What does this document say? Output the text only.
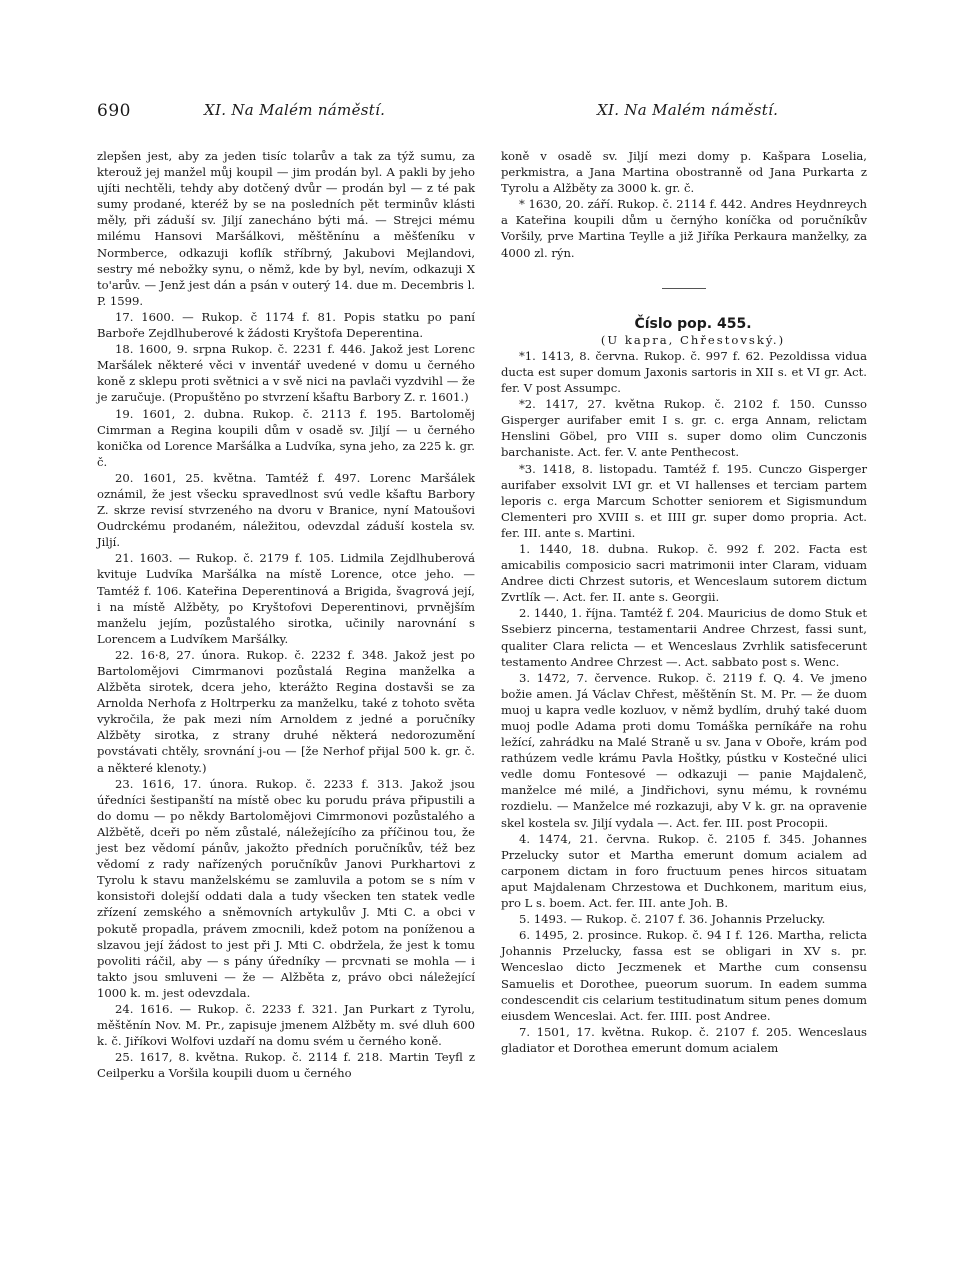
690	XI. Na Malém náměstí.	XI. Na Malém náměstí.

zlepšen jest, aby za jeden tisíc tolarův a tak za týž sumu, za kterouž jej manžel můj koupil — jim prodán byl. A pakli by jeho ujíti nechtěli, tehdy aby dotčený dvůr — prodán byl — z té pak sumy prodané, kteréž by se na posledních pět terminův klásti měly, při záduší sv. Jiljí zanecháno býti má. — Strejci mému milému Hansovi Maršálkovi, měštěnínu a měšťeníku v Normberce, odkazuji koflík stříbrný, Jakubovi Mejlandovi, sestry mé nebožky synu, o němž, kde by byl, nevím, odkazuji X to'arův. — Jenž jest dán a psán v outerý 14. due m. Decembris l. P. 1599.

17. 1600. — Rukop. č 1174 f. 81. Popis statku po paní Barboře Zejdlhuberové k žádosti Kryštofa Deperentina.

18. 1600, 9. srpna Rukop. č. 2231 f. 446. Jakož jest Lorenc Maršálek některé věci v inventář uvedené v domu u černého koně z sklepu proti světnici a v svě nici na pavlači vyzdvihl — že je zaručuje. (Propuštěno po stvrzení kšaftu Barbory Z. r. 1601.)

19. 1601, 2. dubna. Rukop. č. 2113 f. 195. Bartoloměj Cimrman a Regina koupili dům v osadě sv. Jiljí — u černého konička od Lorence Maršálka a Ludvíka, syna jeho, za 225 k. gr. č.

20. 1601, 25. května. Tamtéž f. 497. Lorenc Maršálek oznámil, že jest všecku spravedlnost svú vedle kšaftu Barbory Z. skrze revisí stvrzeného na dvoru v Branice, nyní Matoušovi Oudrckému prodaném, náležitou, odevzdal záduší kostela sv. Jiljí.

21. 1603. — Rukop. č. 2179 f. 105. Lidmila Zejdlhuberová kvituje Ludvíka Maršálka na místě Lorence, otce jeho. — Tamtéž f. 106. Kateřina Deperentinová a Brigida, švagrová její, i na místě Alžběty, po Kryštofovi Deperentinovi, prvnějším manželu jejím, pozůstalého sirotka, učinily narovnání s Lorencem a Ludvíkem Maršálky.

22. 16·8, 27. února. Rukop. č. 2232 f. 348. Jakož jest po Bartolomějovi Cimrmanovi pozůstalá Regina manželka a Alžběta sirotek, dcera jeho, kterážto Regina dostavši se za Arnolda Nerhofa z Holtrperku za manželku, také z tohoto světa vykročila, že pak mezi ním Arnoldem z jedné a poručníky Alžběty sirotka, z strany druhé některá nedorozumění povstávati chtěly, srovnání j-ou — [že Nerhof přijal 500 k. gr. č. a některé klenoty.)

23. 1616, 17. února. Rukop. č. 2233 f. 313. Jakož jsou úředníci šestipanští na místě obec ku porudu práva připustili a do domu — po někdy Bartolomějovi Cimrmonovi pozůstalého a Alžbětě, dceři po něm zůstalé, náležejícího za příčinou tou, že jest bez vědomí pánův, jakožto předních poručníkův, též bez vědomí z rady nařízených poručníkův Janovi Purkhartovi z Tyrolu k stavu manželskému se zamluvila a potom se s ním v konsistoři dolejší oddati dala a tudy všecken ten statek vedle zřízení zemského a sněmovních artykulův J. Mti C. a obci v pokutě propadla, právem zmocnili, kdež potom na poníženou a slzavou její žádost to jest při J. Mti C. obdržela, že jest k tomu povoliti ráčil, aby — s pány úředníky — prcvnati se mohla — i takto jsou smluveni — že — Alžběta z, právo obci náležející 1000 k. m. jest odevzdala.

24. 1616. — Rukop. č. 2233 f. 321. Jan Purkart z Tyrolu, měštěnín Nov. M. Pr., zapisuje jmenem Alžběty m. své dluh 600 k. č. Jiříkovi Wolfovi uzdaří na domu svém u černého koně.

25. 1617, 8. května. Rukop. č. 2114 f. 218. Martin Teyfl z Ceilperku a Voršila koupili duom u černého

koně v osadě sv. Jiljí mezi domy p. Kašpara Loselia, perkmistra, a Jana Martina obostranně od Jana Purkarta z Tyrolu a Alžběty za 3000 k. gr. č.

* 1630, 20. září. Rukop. č. 2114 f. 442. Andres Heydnreych a Kateřina koupili dům u černýho koníčka od poručníkův Voršily, prve Martina Teylle a již Jiříka Perkaura manželky, za 4000 zl. rýn.

Číslo pop. 455.

(U kapra, Chřestovský.)

*1. 1413, 8. června. Rukop. č. 997 f. 62. Pezoldissa vidua ducta est super domum Jaxonis sartoris in XII s. et VI gr. Act. fer. V post Assumpc.

*2. 1417, 27. května Rukop. č. 2102 f. 150. Cunsso Gisperger aurifaber emit I s. gr. c. erga Annam, relictam Henslini Göbel, pro VIII s. super domo olim Cunczonis barchaniste. Act. fer. V. ante Penthecost.

*3. 1418, 8. listopadu. Tamtéž f. 195. Cunczo Gisperger aurifaber exsolvit LVI gr. et VI hallenses et terciam partem leporis c. erga Marcum Schotter seniorem et Sigismundum Clementeri pro XVIII s. et IIII gr. super domo propria. Act. fer. III. ante s. Martini.

1. 1440, 18. dubna. Rukop. č. 992 f. 202. Facta est amicabilis composicio sacri matrimonii inter Claram, viduam Andree dicti Chrzest sutoris, et Wenceslaum sutorem dictum Zvrtlík —. Act. fer. II. ante s. Georgii.

2. 1440, 1. října. Tamtéž f. 204. Mauricius de domo Stuk et Ssebierz pincerna, testamentarii Andree Chrzest, fassi sunt, qualiter Clara relicta — et Wenceslaus Zvrhlik satisfecerunt testamento Andree Chrzest —. Act. sabbato post s. Wenc.

3. 1472, 7. července. Rukop. č. 2119 f. Q. 4. Ve jmeno božie amen. Já Václav Chřest, měštěnín St. M. Pr. — že duom muoj u kapra vedle kozluov, v němž bydlím, druhý také duom muoj podle Adama proti domu Tomáška perníkáře na rohu ležící, zahrádku na Malé Straně u sv. Jana v Oboře, krám pod rathúzem vedle krámu Pavla Hoštky, pústku v Kostečné ulici vedle domu Fontesové — odkazuji — panie Majdalenč, manželce mé milé, a Jindřichovi, synu mému, k rovnému rozdielu. — Manželce mé rozkazuji, aby V k. gr. na opravenie skel kostela sv. Jiljí vydala —. Act. fer. III. post Procopii.

4. 1474, 21. června. Rukop. č. 2105 f. 345. Johannes Przelucky sutor et Martha emerunt domum acialem ad carponem dictam in foro fructuum penes hircos situatam aput Majdalenam Chrzestowa et Duchkonem, maritum eius, pro L s. boem. Act. fer. III. ante Joh. B.

5. 1493. — Rukop. č. 2107 f. 36. Johannis Przelucky.

6. 1495, 2. prosince. Rukop. č. 94 I f. 126. Martha, relicta Johannis Przelucky, fassa est se obligari in XV s. pr. Wenceslao dicto Jeczmenek et Marthe cum consensu Samuelis et Dorothee, pueorum suorum. In eadem summa condescendit cis celarium testitudinatum situm penes domum eiusdem Wenceslai. Act. fer. IIII. post Andree.

7. 1501, 17. května. Rukop. č. 2107 f. 205. Wenceslaus gladiator et Dorothea emerunt domum acialem
